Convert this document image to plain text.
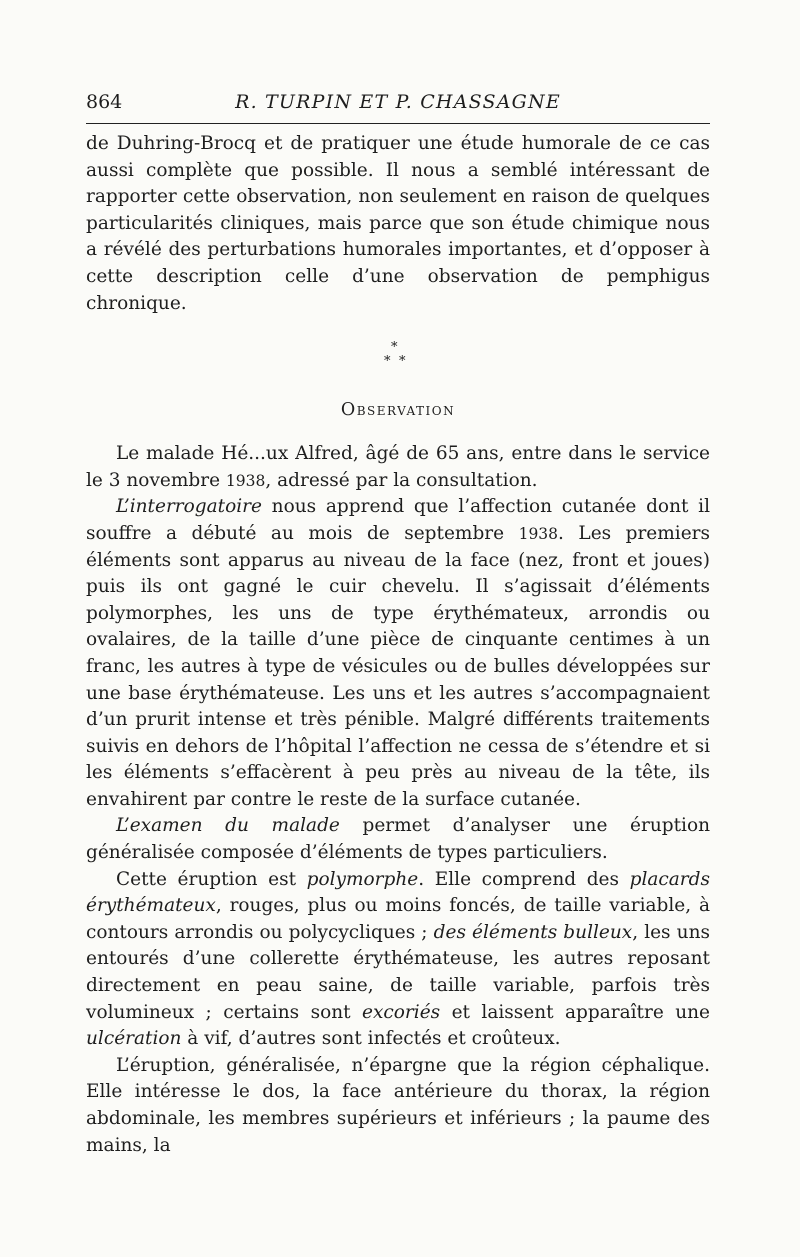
864	R. TURPIN ET P. CHASSAGNE

de Duhring-Brocq et de pratiquer une étude humorale de ce cas aussi complète que possible. Il nous a semblé intéressant de rapporter cette observation, non seulement en raison de quelques particularités cliniques, mais parce que son étude chimique nous a révélé des perturbations humorales importantes, et d’opposer à cette description celle d’une observation de pemphigus chronique.

*
* *

Observation

Le malade Hé...ux Alfred, âgé de 65 ans, entre dans le service le 3 novembre 1938, adressé par la consultation.

L’interrogatoire nous apprend que l’affection cutanée dont il souffre a débuté au mois de septembre 1938. Les premiers éléments sont apparus au niveau de la face (nez, front et joues) puis ils ont gagné le cuir chevelu. Il s’agissait d’éléments polymorphes, les uns de type érythémateux, arrondis ou ovalaires, de la taille d’une pièce de cinquante centimes à un franc, les autres à type de vésicules ou de bulles développées sur une base érythémateuse. Les uns et les autres s’accompagnaient d’un prurit intense et très pénible. Malgré différents traitements suivis en dehors de l’hôpital l’affection ne cessa de s’étendre et si les éléments s’effacèrent à peu près au niveau de la tête, ils envahirent par contre le reste de la surface cutanée.

L’examen du malade permet d’analyser une éruption généralisée composée d’éléments de types particuliers.

Cette éruption est polymorphe. Elle comprend des placards érythémateux, rouges, plus ou moins foncés, de taille variable, à contours arrondis ou polycycliques ; des éléments bulleux, les uns entourés d’une collerette érythémateuse, les autres reposant directement en peau saine, de taille variable, parfois très volumineux ; certains sont excoriés et laissent apparaître une ulcération à vif, d’autres sont infectés et croûteux.

L’éruption, généralisée, n’épargne que la région céphalique. Elle intéresse le dos, la face antérieure du thorax, la région abdominale, les membres supérieurs et inférieurs ; la paume des mains, la
